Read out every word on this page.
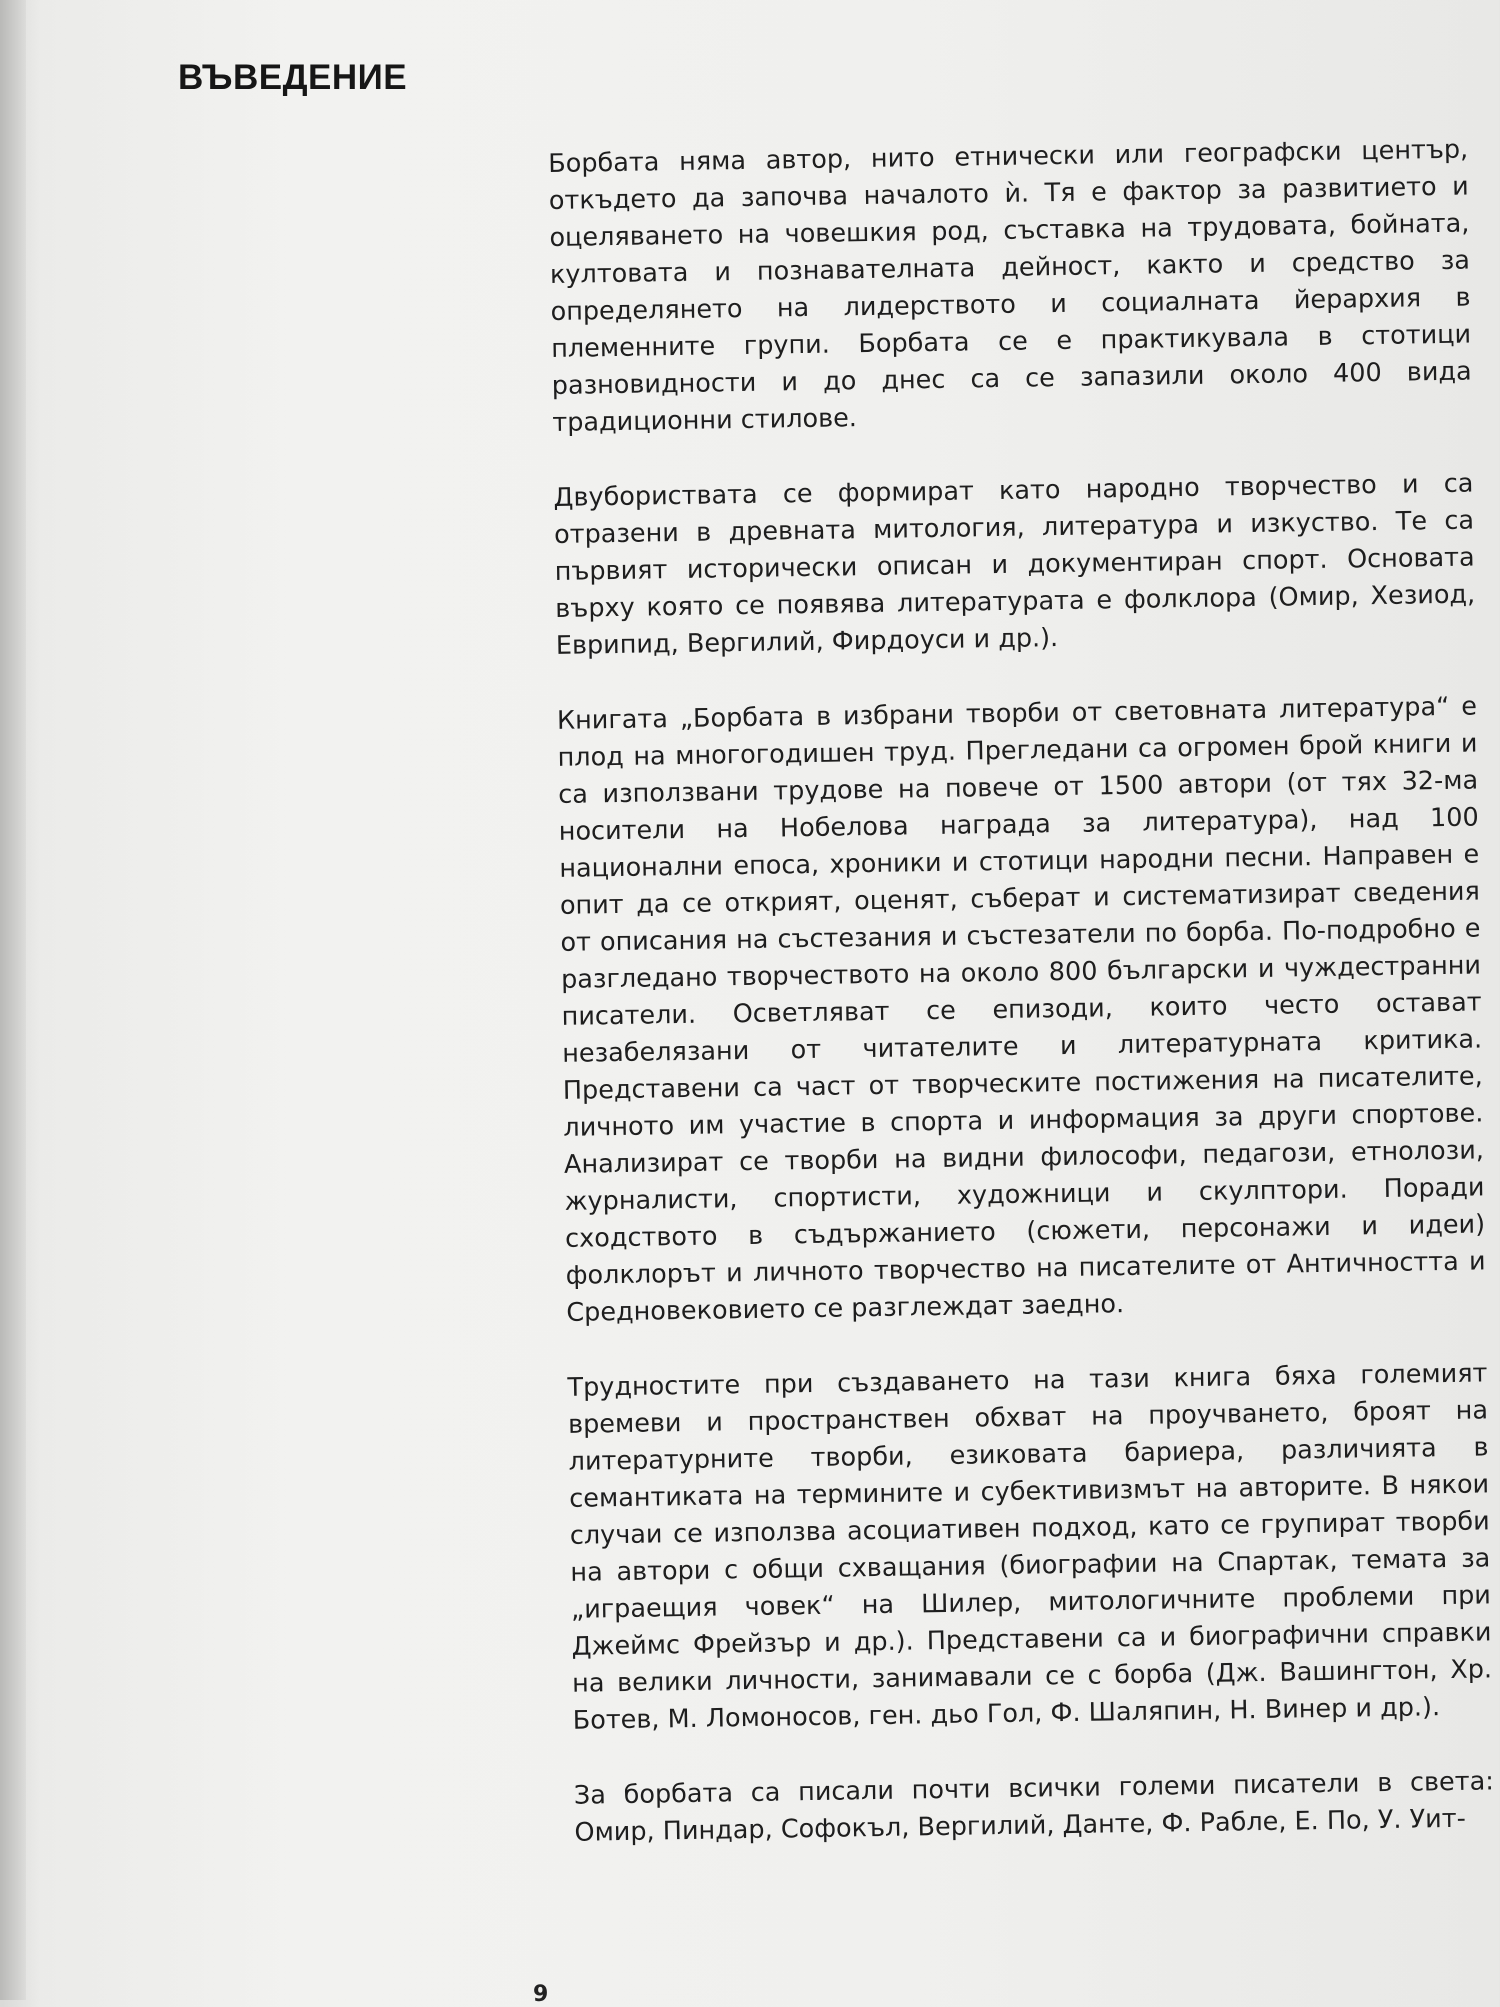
ВЪВЕДЕНИЕ

Борбата няма автор, нито етнически или географски център, откъдето да започва началото ѝ. Тя е фактор за развитието и оцеляването на човешкия род, съставка на трудовата, бойната, култовата и познавателната дейност, както и средство за определянето на лидерството и социалната йерархия в племенните групи. Борбата се е практикувала в стотици разновидности и до днес са се запазили около 400 вида традиционни стилове.

Двубориствата се формират като народно творчество и са отразени в древната митология, литература и изкуство. Те са първият исторически описан и документиран спорт. Основата върху която се появява литературата е фолклора (Омир, Хезиод, Еврипид, Вергилий, Фирдоуси и др.).

Книгата „Борбата в избрани творби от световната литература“ е плод на многогодишен труд. Прегледани са огромен брой книги и са използвани трудове на повече от 1500 автори (от тях 32-ма носители на Нобелова награда за литература), над 100 национални епоса, хроники и стотици народни песни. Направен е опит да се открият, оценят, съберат и систематизират сведения от описания на състезания и състезатели по борба. По-подробно е разгледано творчеството на около 800 български и чуждестранни писатели. Осветляват се епизоди, които често остават незабелязани от читателите и литературната критика. Представени са част от творческите постижения на писателите, личното им участие в спорта и информация за други спортове. Анализират се творби на видни философи, педагози, етнолози, журналисти, спортисти, художници и скулптори. Поради сходството в съдържанието (сюжети, персонажи и идеи) фолклорът и личното творчество на писателите от Античността и Средновековието се разглеждат заедно.

Трудностите при създаването на тази книга бяха големият времеви и пространствен обхват на проучването, броят на литературните творби, езиковата бариера, различията в семантиката на термините и субективизмът на авторите. В някои случаи се използва асоциативен подход, като се групират творби на автори с общи схващания (биографии на Спартак, темата за „играещия човек“ на Шилер, митологичните проблеми при Джеймс Фрейзър и др.). Представени са и биографични справки на велики личности, занимавали се с борба (Дж. Вашингтон, Хр. Ботев, М. Ломоносов, ген. дьо Гол, Ф. Шаляпин, Н. Винер и др.).

За борбата са писали почти всички големи писатели в света: Омир, Пиндар, Софокъл, Вергилий, Данте, Ф. Рабле, Е. По, У. Уит-

9
